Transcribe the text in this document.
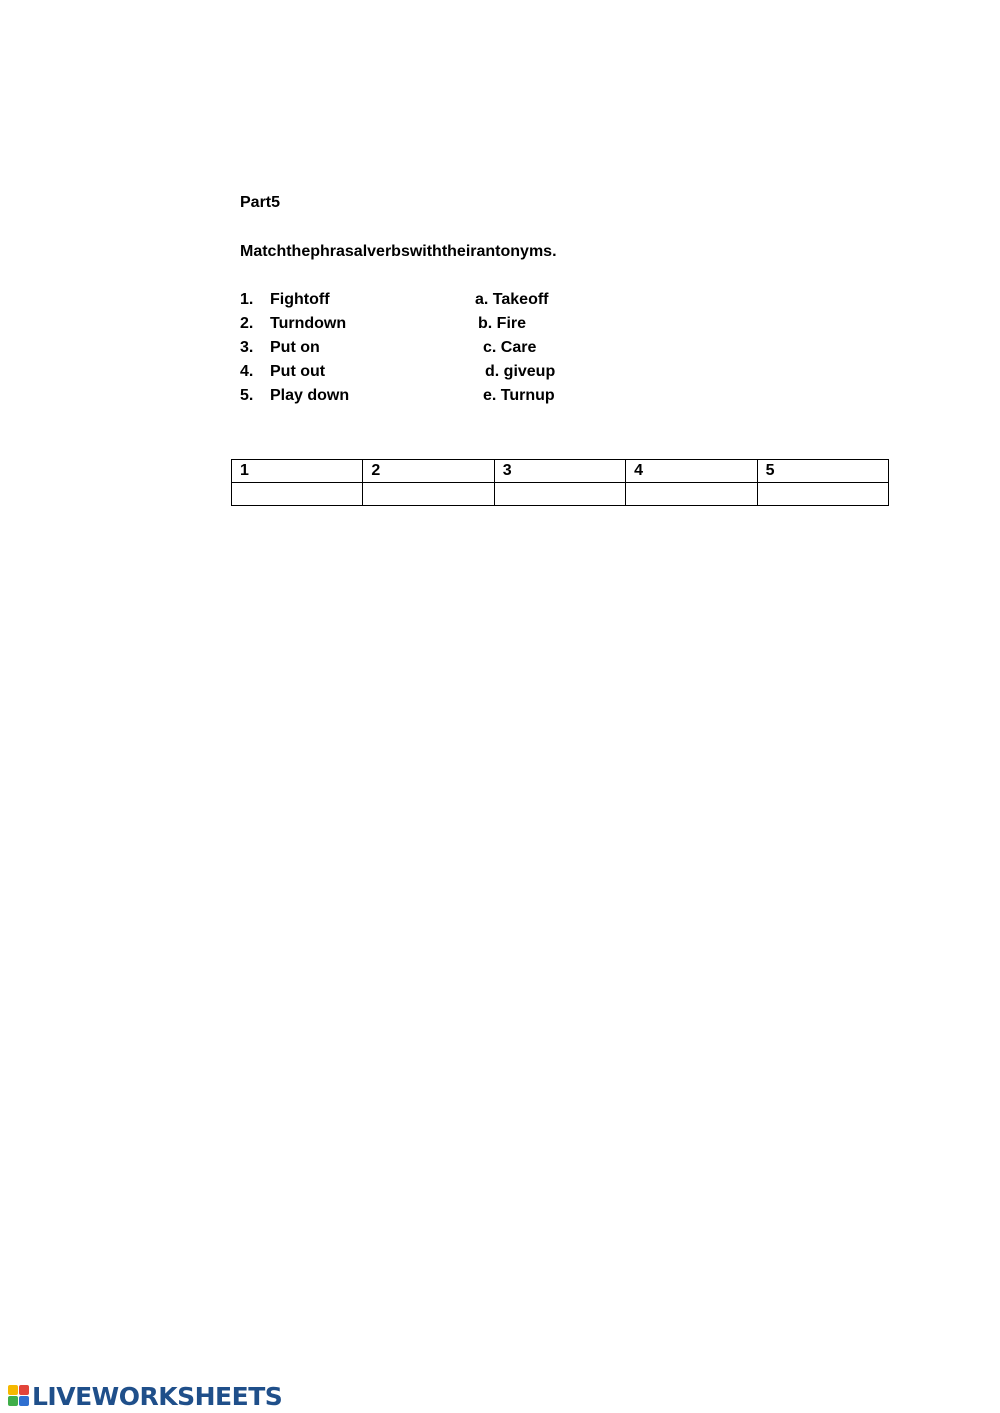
Part5
Matchthephrasalverbswiththeirantonyms.
1. Fightoff	a. Takeoff
2. Turndown	b. Fire
3. Put on	c. Care
4. Put out	d. giveup
5. Play down	e. Turnup
1	2	3	4	5

LIVEWORKSHEETS
